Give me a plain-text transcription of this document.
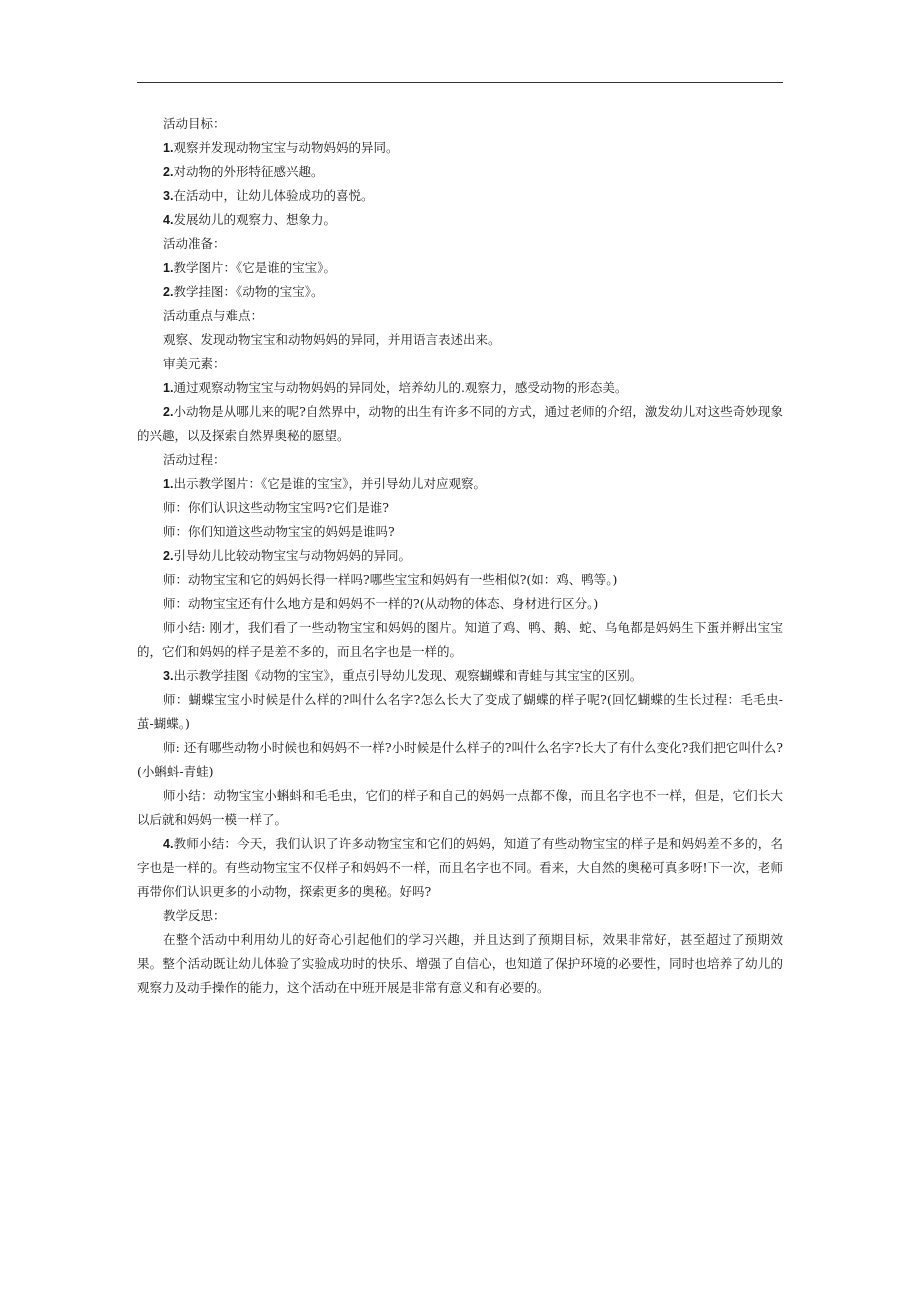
活动目标：

1.观察并发现动物宝宝与动物妈妈的异同。

2.对动物的外形特征感兴趣。

3.在活动中，让幼儿体验成功的喜悦。

4.发展幼儿的观察力、想象力。

活动准备：

1.教学图片：《它是谁的宝宝》。

2.教学挂图：《动物的宝宝》。

活动重点与难点：

观察、发现动物宝宝和动物妈妈的异同，并用语言表述出来。

审美元素：

1.通过观察动物宝宝与动物妈妈的异同处，培养幼儿的.观察力，感受动物的形态美。

2.小动物是从哪儿来的呢?自然界中，动物的出生有许多不同的方式，通过老师的介绍，激发幼儿对这些奇妙现象的兴趣，以及探索自然界奥秘的愿望。

活动过程：

1.出示教学图片：《它是谁的宝宝》，并引导幼儿对应观察。

师：你们认识这些动物宝宝吗?它们是谁?

师：你们知道这些动物宝宝的妈妈是谁吗?

2.引导幼儿比较动物宝宝与动物妈妈的异同。

师：动物宝宝和它的妈妈长得一样吗?哪些宝宝和妈妈有一些相似?(如：鸡、鸭等。)

师：动物宝宝还有什么地方是和妈妈不一样的?(从动物的体态、身材进行区分。)

师小结: 刚才，我们看了一些动物宝宝和妈妈的图片。知道了鸡、鸭、鹅、蛇、乌龟都是妈妈生下蛋并孵出宝宝的，它们和妈妈的样子是差不多的，而且名字也是一样的。

3.出示教学挂图《动物的宝宝》，重点引导幼儿发现、观察蝴蝶和青蛙与其宝宝的区别。

师：蝴蝶宝宝小时候是什么样的?叫什么名字?怎么长大了变成了蝴蝶的样子呢?(回忆蝴蝶的生长过程：毛毛虫-茧-蝴蝶。)

师: 还有哪些动物小时候也和妈妈不一样?小时候是什么样子的?叫什么名字?长大了有什么变化?我们把它叫什么?(小蝌蚪-青蛙)

师小结：动物宝宝小蝌蚪和毛毛虫，它们的样子和自己的妈妈一点都不像，而且名字也不一样，但是，它们长大以后就和妈妈一模一样了。

4.教师小结：今天，我们认识了许多动物宝宝和它们的妈妈，知道了有些动物宝宝的样子是和妈妈差不多的，名字也是一样的。有些动物宝宝不仅样子和妈妈不一样，而且名字也不同。看来，大自然的奥秘可真多呀!下一次，老师再带你们认识更多的小动物，探索更多的奥秘。好吗?

教学反思：

在整个活动中利用幼儿的好奇心引起他们的学习兴趣，并且达到了预期目标，效果非常好，甚至超过了预期效果。整个活动既让幼儿体验了实验成功时的快乐、增强了自信心，也知道了保护环境的必要性，同时也培养了幼儿的观察力及动手操作的能力，这个活动在中班开展是非常有意义和有必要的。
